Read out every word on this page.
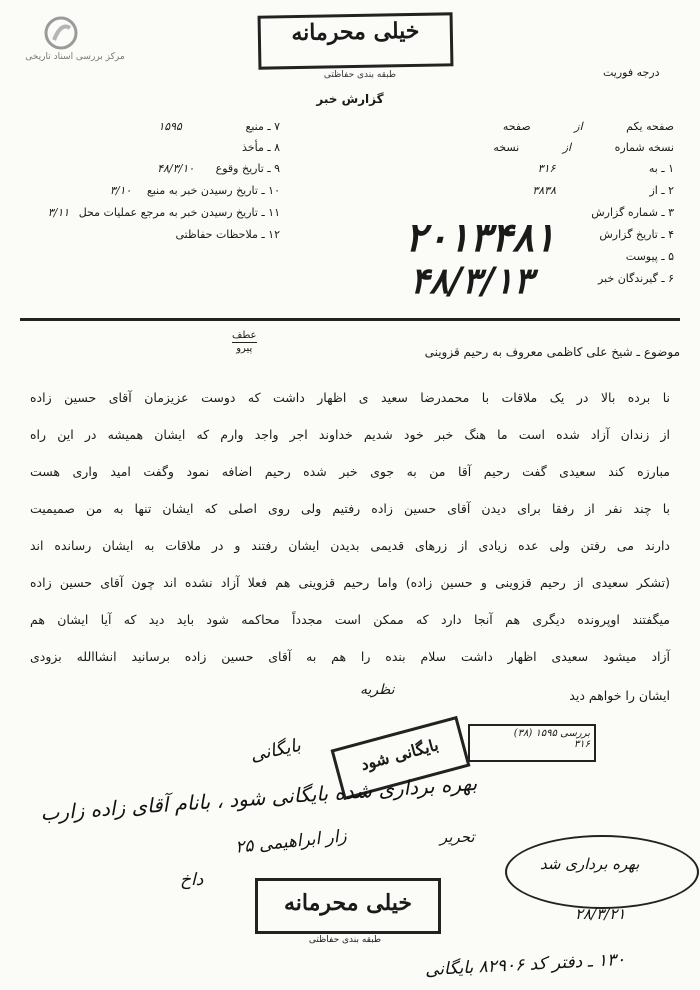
مرکز بررسی اسناد تاریخی
خیلی محرمانه
طبقه بندی حفاظتی	درجه فوریت
گزارش خبر
صفحه یکم از صفحه
نسخه شماره از نسخه
۱ ـ به ۳۱۶
۲ ـ از ۳۸۳۸
۳ ـ شماره گزارش
۴ ـ تاریخ گزارش
۵ ـ پیوست
۶ ـ گیرندگان خبر
۲۰۱۳۴۸۱
۴۸/۳/۱۳
۷ ـ منبع ۱۵۹۵
۸ ـ مأخذ
۹ ـ تاریخ وقوع ۴۸/۳/۱۰
۱۰ ـ تاریخ رسیدن خبر به منبع ۳/۱۰
۱۱ ـ تاریخ رسیدن خبر به مرجع عملیات محل ۳/۱۱
۱۲ ـ ملاحظات حفاظتی
موضوع ـ شیخ علی کاظمی معروف به رحیم قزوینی
عطف
پیرو
نا برده بالا در یک ملاقات با محمدرضا سعید ی اظهار داشت که دوست عزیزمان آقای حسین زاده
از زندان آزاد شده است ما هنگ خبر خود شدیم خداوند اجر واجد وارم که ایشان همیشه در این راه
مبارزه کند سعیدی گفت رحیم آقا من به جوی خبر شده رحیم اضافه نمود وگفت امید واری هست
با چند نفر از رفقا برای دیدن آقای حسین زاده رفتیم ولی روی اصلی که ایشان تنها به من صمیمیت
دارند می رفتن ولی عده زیادی از زرهای قدیمی بدیدن ایشان رفتند و در ملاقات به ایشان رسانده اند
(تشکر سعیدی از رحیم قزوینی و حسین زاده) واما رحیم قزوینی هم فعلا آزاد نشده اند چون آقای حسین زاده
میگفتند اوپرونده دیگری هم آنجا دارد که ممکن است مجدداً محاکمه شود باید دید که آیا ایشان هم
آزاد میشود سعیدی اظهار داشت سلام بنده را هم به آقای حسین زاده برسانید انشاالله بزودی
ایشان را خواهم دید
نظریه
بررسی ۱۵۹۵ (۳۸)
۳۱۶
بایگانی شود
بایگانی
بهره برداری شده بایگانی شود ، بانام آقای زاده زارب
زار ابراهیمی ۲۵
بهره برداری شد
تحریر
داخ
۲۸/۳/۲۱
۱۳۰ ـ دفتر کد ۸۲۹۰۶ بایگانی
خیلی محرمانه
طبقه بندی حفاظتی
